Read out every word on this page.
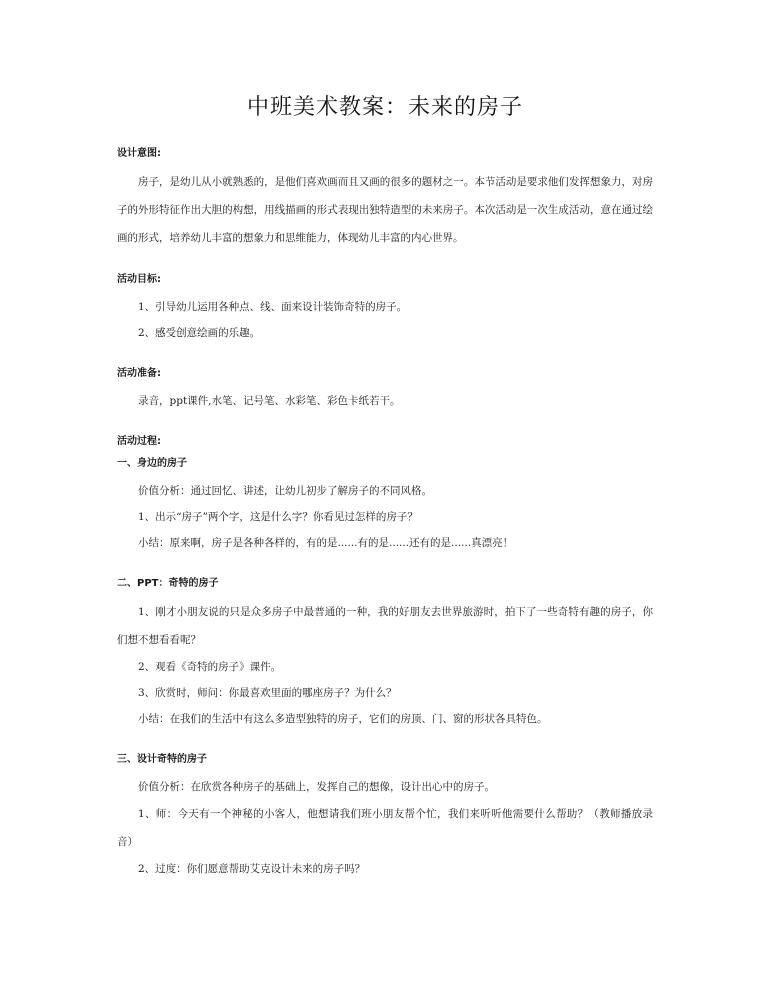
中班美术教案：未来的房子

设计意图:

房子，是幼儿从小就熟悉的，是他们喜欢画而且又画的很多的题材之一。本节活动是要求他们发挥想象力，对房子的外形特征作出大胆的构想，用线描画的形式表现出独特造型的未来房子。本次活动是一次生成活动，意在通过绘画的形式，培养幼儿丰富的想象力和思维能力，体现幼儿丰富的内心世界。

活动目标:

1、引导幼儿运用各种点、线、面来设计装饰奇特的房子。

2、感受创意绘画的乐趣。

活动准备:

录音，ppt课件,水笔、记号笔、水彩笔、彩色卡纸若干。

活动过程:

一、身边的房子

价值分析：通过回忆、讲述，让幼儿初步了解房子的不同风格。

1、出示“房子”两个字，这是什么字？你看见过怎样的房子？

小结：原来啊，房子是各种各样的，有的是......有的是......还有的是......真漂亮！

二、PPT：奇特的房子

1、刚才小朋友说的只是众多房子中最普通的一种，我的好朋友去世界旅游时，拍下了一些奇特有趣的房子，你们想不想看看呢？

2、观看《奇特的房子》课件。

3、欣赏时，师问：你最喜欢里面的哪座房子？为什么？

小结：在我们的生活中有这么多造型独特的房子，它们的房顶、门、窗的形状各具特色。

三、设计奇特的房子

价值分析：在欣赏各种房子的基础上，发挥自己的想像，设计出心中的房子。

1、师：今天有一个神秘的小客人，他想请我们班小朋友帮个忙，我们来听听他需要什么帮助？（教师播放录音）

2、过度：你们愿意帮助艾克设计未来的房子吗？
